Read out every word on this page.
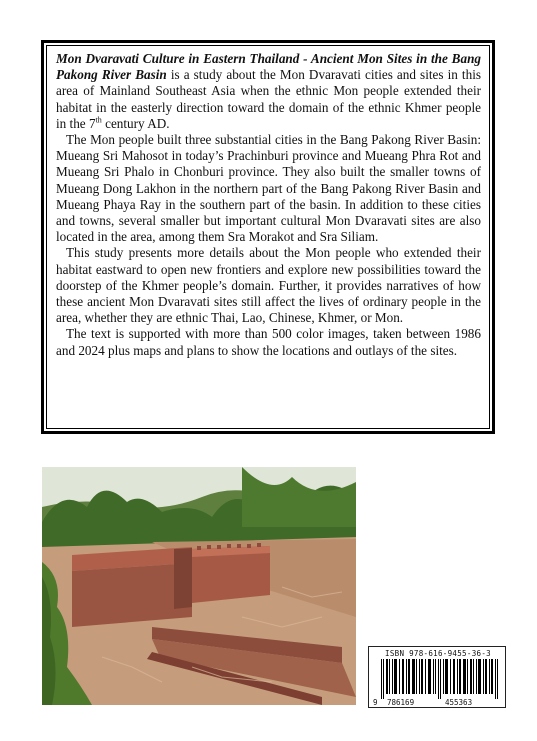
Mon Dvaravati Culture in Eastern Thailand - Ancient Mon Sites in the Bang Pakong River Basin is a study about the Mon Dvaravati cities and sites in this area of Mainland Southeast Asia when the ethnic Mon people extended their habitat in the easterly direction toward the domain of the ethnic Khmer people in the 7th century AD.

The Mon people built three substantial cities in the Bang Pakong River Basin: Mueang Sri Mahosot in today’s Prachinburi province and Mueang Phra Rot and Mueang Sri Phalo in Chonburi province. They also built the smaller towns of Mueang Dong Lakhon in the northern part of the Bang Pakong River Basin and Mueang Phaya Ray in the southern part of the basin. In addition to these cities and towns, several smaller but important cultural Mon Dvaravati sites are also located in the area, among them Sra Morakot and Sra Siliam.

This study presents more details about the Mon people who extended their habitat eastward to open new frontiers and explore new possibilities toward the doorstep of the Khmer people’s domain. Further, it provides narratives of how these ancient Mon Dvaravati sites still affect the lives of ordinary people in the area, whether they are ethnic Thai, Lao, Chinese, Khmer, or Mon.

The text is supported with more than 500 color images, taken between 1986 and 2024 plus maps and plans to show the locations and outlays of the sites.

ISBN 978-616-9455-36-3
9 786169	455363
